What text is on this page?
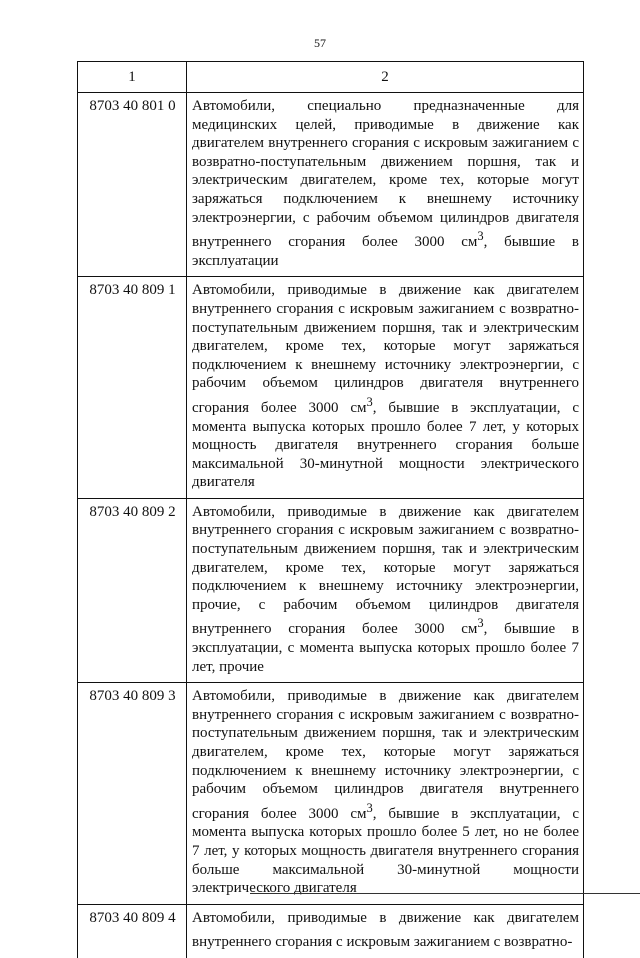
57
1	2
8703 40 801 0	Автомобили, специально предназначенные для медицинских целей, приводимые в движение как двигателем внутреннего сгорания с искровым зажиганием с возвратно-поступательным движением поршня, так и электрическим двигателем, кроме тех, которые могут заряжаться подключением к внешнему источнику электроэнергии, с рабочим объемом цилиндров двигателя внутреннего сгорания более 3000 $см^3$, бывшие в эксплуатации
8703 40 809 1	Автомобили, приводимые в движение как двигателем внутреннего сгорания с искровым зажиганием с возвратно-поступательным движением поршня, так и электрическим двигателем, кроме тех, которые могут заряжаться подключением к внешнему источнику электроэнергии, с рабочим объемом цилиндров двигателя внутреннего сгорания более 3000 $см^3$, бывшие в эксплуатации, с момента выпуска которых прошло более 7 лет, у которых мощность двигателя внутреннего сгорания больше максимальной 30-минутной мощности электрического двигателя
8703 40 809 2	Автомобили, приводимые в движение как двигателем внутреннего сгорания с искровым зажиганием с возвратно-поступательным движением поршня, так и электрическим двигателем, кроме тех, которые могут заряжаться подключением к внешнему источнику электроэнергии, прочие, с рабочим объемом цилиндров двигателя внутреннего сгорания более 3000 $см^3$, бывшие в эксплуатации, с момента выпуска которых прошло более 7 лет, прочие
8703 40 809 3	Автомобили, приводимые в движение как двигателем внутреннего сгорания с искровым зажиганием с возвратно-поступательным движением поршня, так и электрическим двигателем, кроме тех, которые могут заряжаться подключением к внешнему источнику электроэнергии, с рабочим объемом цилиндров двигателя внутреннего сгорания более 3000 $см^3$, бывшие в эксплуатации, с момента выпуска которых прошло более 5 лет, но не более 7 лет, у которых мощность двигателя внутреннего сгорания больше максимальной 30-минутной мощности электрического двигателя
8703 40 809 4	Автомобили, приводимые в движение как двигателем внутреннего сгорания с искровым зажиганием с возвратно-
